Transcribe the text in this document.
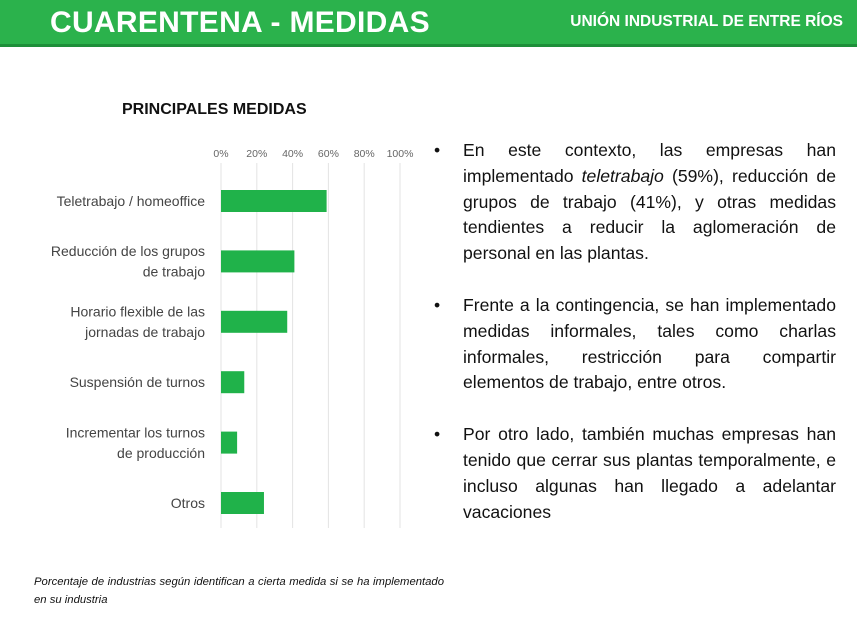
CUARENTENA - MEDIDAS	UNIÓN INDUSTRIAL DE ENTRE RÍOS
PRINCIPALES MEDIDAS
0% 20% 40% 60% 80% 100%
Teletrabajo / homeoffice
Reducción de los grupos
de trabajo
Horario flexible de las
jornadas de trabajo
Suspensión de turnos
Incrementar los turnos
de producción
Otros
• En este contexto, las empresas han implementado teletrabajo (59%), reducción de grupos de trabajo (41%), y otras medidas tendientes a reducir la aglomeración de personal en las plantas.
• Frente a la contingencia, se han implementado medidas informales, tales como charlas informales, restricción para compartir elementos de trabajo, entre otros.
• Por otro lado, también muchas empresas han tenido que cerrar sus plantas temporalmente, e incluso algunas han llegado a adelantar vacaciones
Porcentaje de industrias según identifican a cierta medida si se ha implementado en su industria
